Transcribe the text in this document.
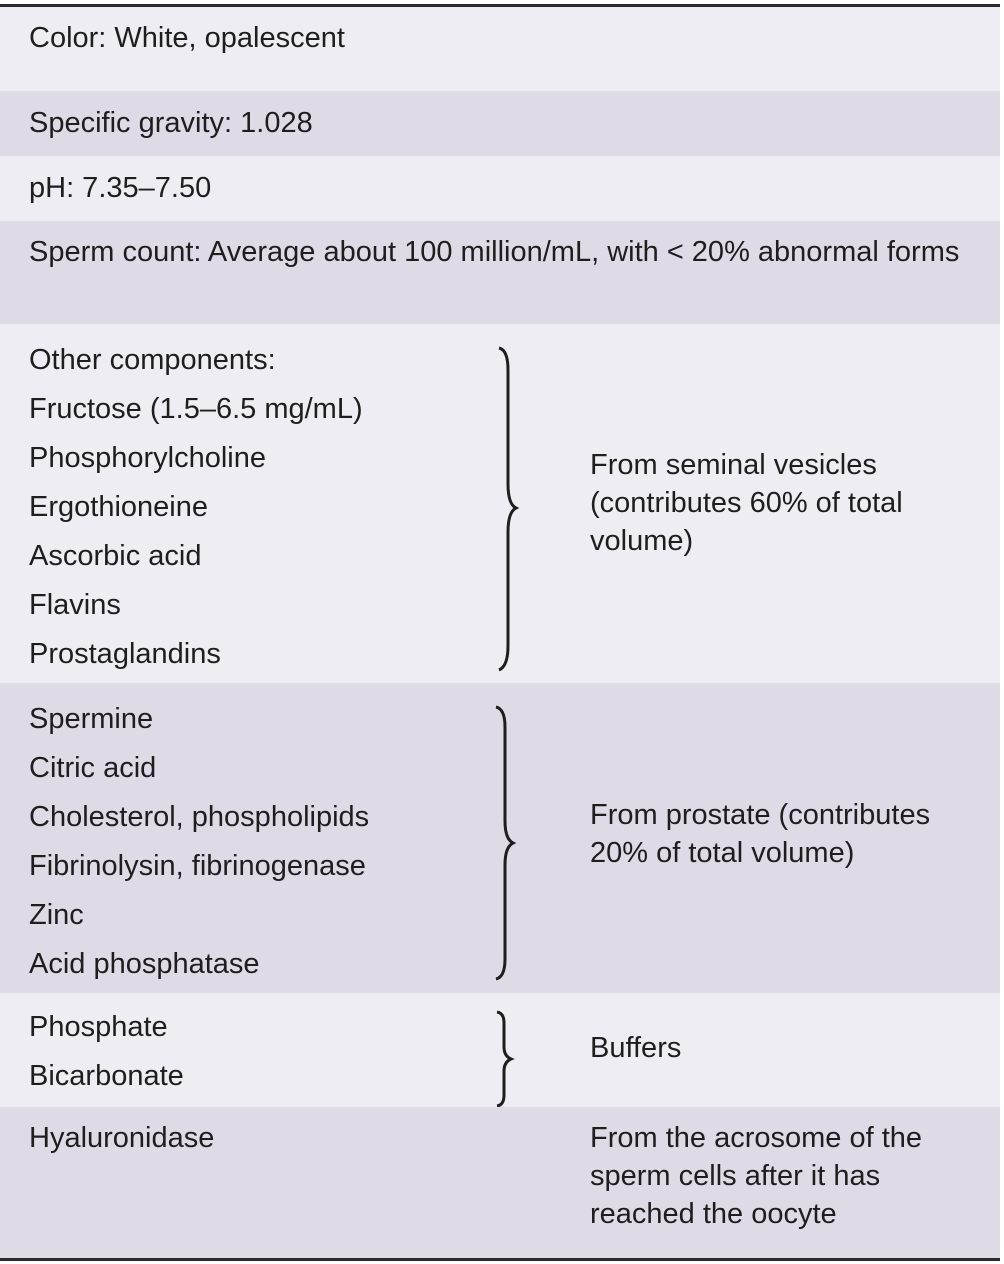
Color: White, opalescent
Specific gravity: 1.028
pH: 7.35–7.50
Sperm count: Average about 100 million/mL, with < 20% abnormal forms
Other components:
Fructose (1.5–6.5 mg/mL)
Phosphorylcholine
Ergothioneine
Ascorbic acid
Flavins
Prostaglandins
From seminal vesicles (contributes 60% of total volume)
Spermine
Citric acid
Cholesterol, phospholipids
Fibrinolysin, fibrinogenase
Zinc
Acid phosphatase
From prostate (contributes 20% of total volume)
Phosphate
Bicarbonate
Buffers
Hyaluronidase	From the acrosome of the sperm cells after it has reached the oocyte
